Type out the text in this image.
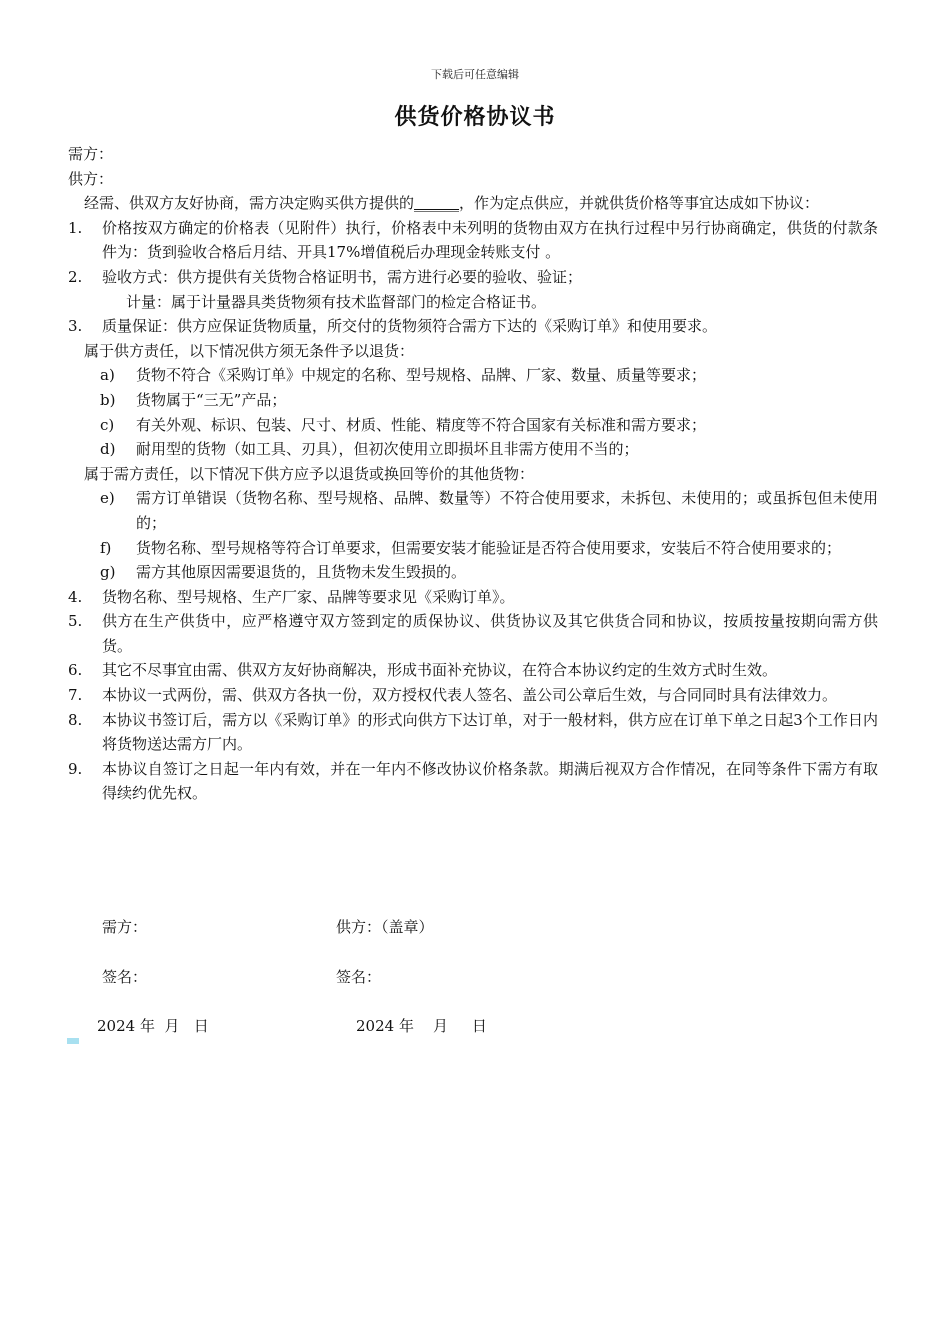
下载后可任意编辑
供货价格协议书
需方：
供方：
经需、供双方友好协商，需方决定购买供方提供的______，作为定点供应，并就供货价格等事宜达成如下协议：
1.	价格按双方确定的价格表（见附件）执行，价格表中未列明的货物由双方在执行过程中另行协商确定，供货的付款条件为：货到验收合格后月结、开具17%增值税后办理现金转账支付 。
2.	验收方式：供方提供有关货物合格证明书，需方进行必要的验收、验证；
计量：属于计量器具类货物须有技术监督部门的检定合格证书。
3.	质量保证：供方应保证货物质量，所交付的货物须符合需方下达的《采购订单》和使用要求。
属于供方责任，以下情况供方须无条件予以退货：
a)	货物不符合《采购订单》中规定的名称、型号规格、品牌、厂家、数量、质量等要求；
b)	货物属于“三无”产品；
c)	有关外观、标识、包装、尺寸、材质、性能、精度等不符合国家有关标准和需方要求；
d)	耐用型的货物（如工具、刃具），但初次使用立即损坏且非需方使用不当的；
属于需方责任，以下情况下供方应予以退货或换回等价的其他货物：
e)	需方订单错误（货物名称、型号规格、品牌、数量等）不符合使用要求，未拆包、未使用的；或虽拆包但未使用的；
f)	货物名称、型号规格等符合订单要求，但需要安装才能验证是否符合使用要求，安装后不符合使用要求的；
g)	需方其他原因需要退货的，且货物未发生毁损的。
4.	货物名称、型号规格、生产厂家、品牌等要求见《采购订单》。
5.	供方在生产供货中，应严格遵守双方签到定的质保协议、供货协议及其它供货合同和协议，按质按量按期向需方供货。
6.	其它不尽事宜由需、供双方友好协商解决，形成书面补充协议，在符合本协议约定的生效方式时生效。
7.	本协议一式两份，需、供双方各执一份，双方授权代表人签名、盖公司公章后生效，与合同同时具有法律效力。
8.	本协议书签订后，需方以《采购订单》的形式向供方下达订单，对于一般材料，供方应在订单下单之日起3个工作日内将货物送达需方厂内。
9.	本协议自签订之日起一年内有效，并在一年内不修改协议价格条款。期满后视双方合作情况，在同等条件下需方有取得续约优先权。
需方：	供方：（盖章）
签名：	签名：
2024 年  月   日	2024 年    月     日
